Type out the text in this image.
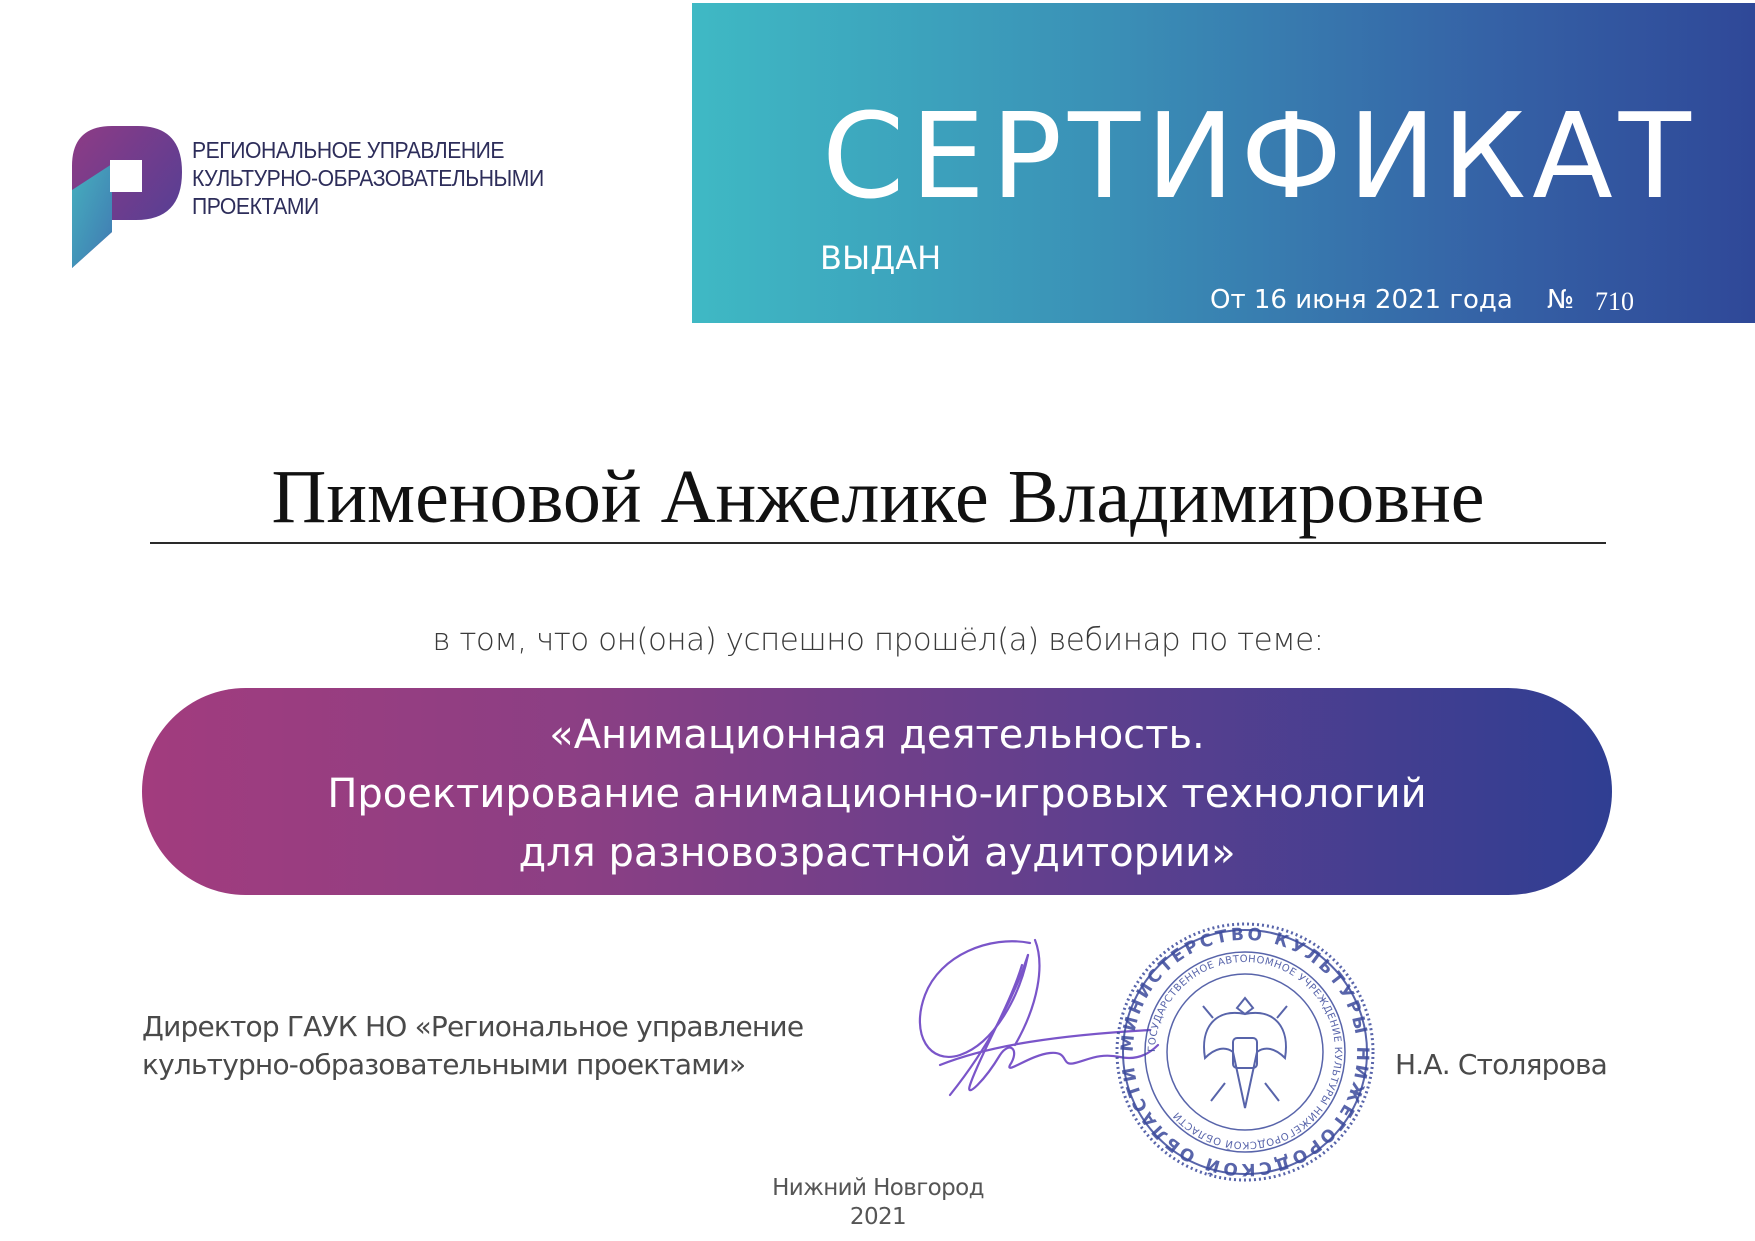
РЕГИОНАЛЬНОЕ УПРАВЛЕНИЕ
КУЛЬТУРНО-ОБРАЗОВАТЕЛЬНЫМИ
ПРОЕКТАМИ	СЕРТИФИКАТ
ВЫДАН
От 16 июня 2021 года № 710
Пименовой Анжелике Владимировне
в том, что он(она) успешно прошёл(а) вебинар по теме:
«Анимационная деятельность.
Проектирование анимационно-игровых технологий
для разновозрастной аудитории»
Директор ГАУК НО «Региональное управление
культурно-образовательными проектами»
МИНИСТЕРСТВО КУЛЬТУРЫ НИЖЕГОРОДСКОЙ ОБЛАСТИ
ГОСУДАРСТВЕННОЕ АВТОНОМНОЕ УЧРЕЖДЕНИЕ КУЛЬТУРЫ НИЖЕГОРОДСКОЙ ОБЛАСТИ
Н.А. Столярова
Нижний Новгород
2021
